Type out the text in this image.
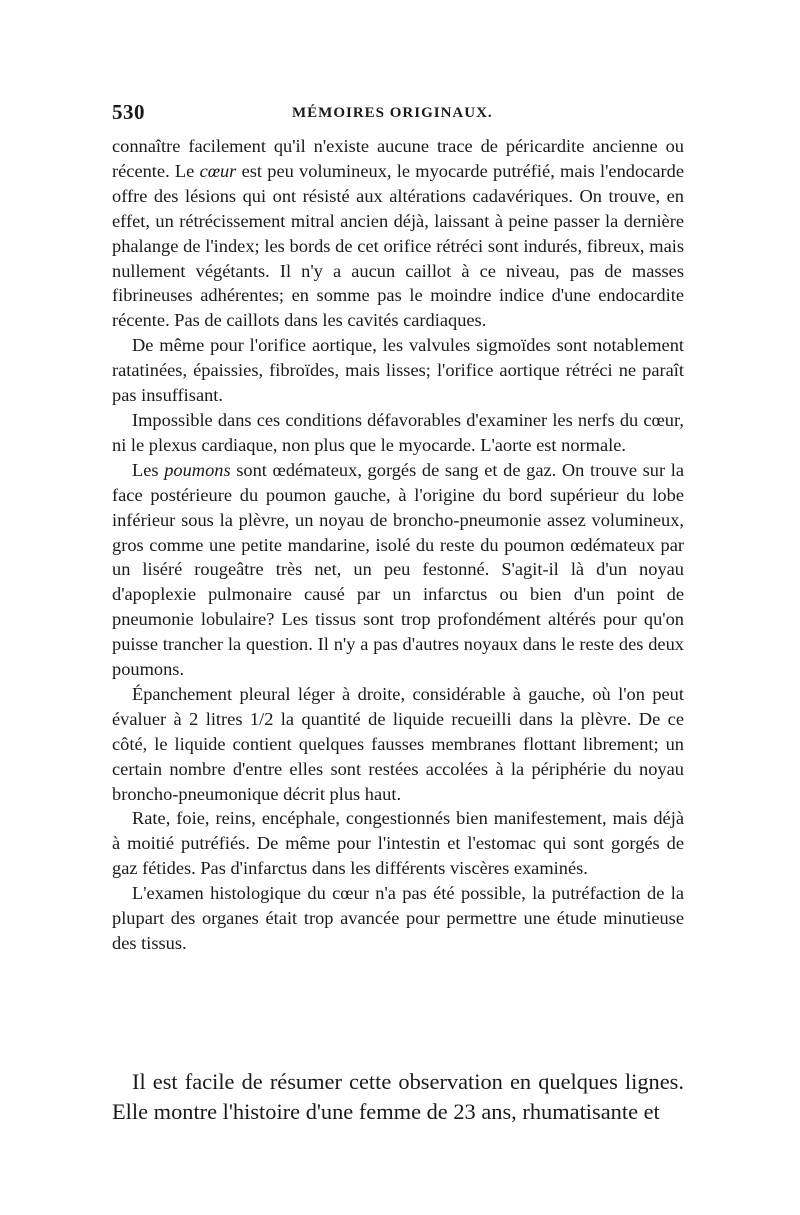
530	MÉMOIRES ORIGINAUX.

connaître facilement qu'il n'existe aucune trace de péricardite ancienne ou récente. Le cœur est peu volumineux, le myocarde putréfié, mais l'endocarde offre des lésions qui ont résisté aux altérations cadavériques. On trouve, en effet, un rétrécissement mitral ancien déjà, laissant à peine passer la dernière phalange de l'index; les bords de cet orifice rétréci sont indurés, fibreux, mais nullement végétants. Il n'y a aucun caillot à ce niveau, pas de masses fibrineuses adhérentes; en somme pas le moindre indice d'une endocardite récente. Pas de caillots dans les cavités cardiaques.

De même pour l'orifice aortique, les valvules sigmoïdes sont notablement ratatinées, épaissies, fibroïdes, mais lisses; l'orifice aortique rétréci ne paraît pas insuffisant.

Impossible dans ces conditions défavorables d'examiner les nerfs du cœur, ni le plexus cardiaque, non plus que le myocarde. L'aorte est normale.

Les poumons sont œdémateux, gorgés de sang et de gaz. On trouve sur la face postérieure du poumon gauche, à l'origine du bord supérieur du lobe inférieur sous la plèvre, un noyau de broncho-pneumonie assez volumineux, gros comme une petite mandarine, isolé du reste du poumon œdémateux par un liséré rougeâtre très net, un peu festonné. S'agit-il là d'un noyau d'apoplexie pulmonaire causé par un infarctus ou bien d'un point de pneumonie lobulaire? Les tissus sont trop profondément altérés pour qu'on puisse trancher la question. Il n'y a pas d'autres noyaux dans le reste des deux poumons.

Épanchement pleural léger à droite, considérable à gauche, où l'on peut évaluer à 2 litres 1/2 la quantité de liquide recueilli dans la plèvre. De ce côté, le liquide contient quelques fausses membranes flottant librement; un certain nombre d'entre elles sont restées accolées à la périphérie du noyau broncho-pneumonique décrit plus haut.

Rate, foie, reins, encéphale, congestionnés bien manifestement, mais déjà à moitié putréfiés. De même pour l'intestin et l'estomac qui sont gorgés de gaz fétides. Pas d'infarctus dans les différents viscères examinés.

L'examen histologique du cœur n'a pas été possible, la putréfaction de la plupart des organes était trop avancée pour permettre une étude minutieuse des tissus.

Il est facile de résumer cette observation en quelques lignes. Elle montre l'histoire d'une femme de 23 ans, rhumatisante et
